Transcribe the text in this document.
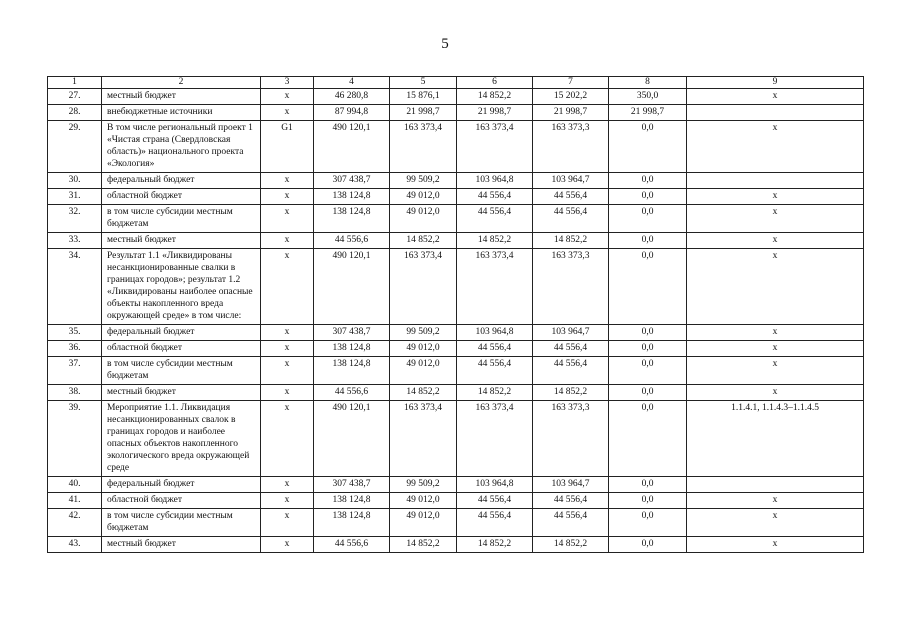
5
1	2	3	4	5	6	7	8	9
27.	местный бюджет	х	46 280,8	15 876,1	14 852,2	15 202,2	350,0	х
28.	внебюджетные источники	х	87 994,8	21 998,7	21 998,7	21 998,7	21 998,7	
29.	В том числе региональный проект 1 «Чистая страна (Свердловская область)» национального проекта «Экология»	G1	490 120,1	163 373,4	163 373,4	163 373,3	0,0	х
30.	федеральный бюджет	х	307 438,7	99 509,2	103 964,8	103 964,7	0,0	
31.	областной бюджет	х	138 124,8	49 012,0	44 556,4	44 556,4	0,0	х
32.	в том числе субсидии местным бюджетам	х	138 124,8	49 012,0	44 556,4	44 556,4	0,0	х
33.	местный бюджет	х	44 556,6	14 852,2	14 852,2	14 852,2	0,0	х
34.	Результат 1.1 «Ликвидированы несанкционированные свалки в границах городов»; результат 1.2 «Ликвидированы наиболее опасные объекты накопленного вреда окружающей среде» в том числе:	х	490 120,1	163 373,4	163 373,4	163 373,3	0,0	х
35.	федеральный бюджет	х	307 438,7	99 509,2	103 964,8	103 964,7	0,0	х
36.	областной бюджет	х	138 124,8	49 012,0	44 556,4	44 556,4	0,0	х
37.	в том числе субсидии местным бюджетам	х	138 124,8	49 012,0	44 556,4	44 556,4	0,0	х
38.	местный бюджет	х	44 556,6	14 852,2	14 852,2	14 852,2	0,0	х
39.	Мероприятие 1.1. Ликвидация несанкционированных свалок в границах городов и наиболее опасных объектов накопленного экологического вреда окружающей среде	х	490 120,1	163 373,4	163 373,4	163 373,3	0,0	1.1.4.1, 1.1.4.3–1.1.4.5
40.	федеральный бюджет	х	307 438,7	99 509,2	103 964,8	103 964,7	0,0	
41.	областной бюджет	х	138 124,8	49 012,0	44 556,4	44 556,4	0,0	х
42.	в том числе субсидии местным бюджетам	х	138 124,8	49 012,0	44 556,4	44 556,4	0,0	х
43.	местный бюджет	х	44 556,6	14 852,2	14 852,2	14 852,2	0,0	х
